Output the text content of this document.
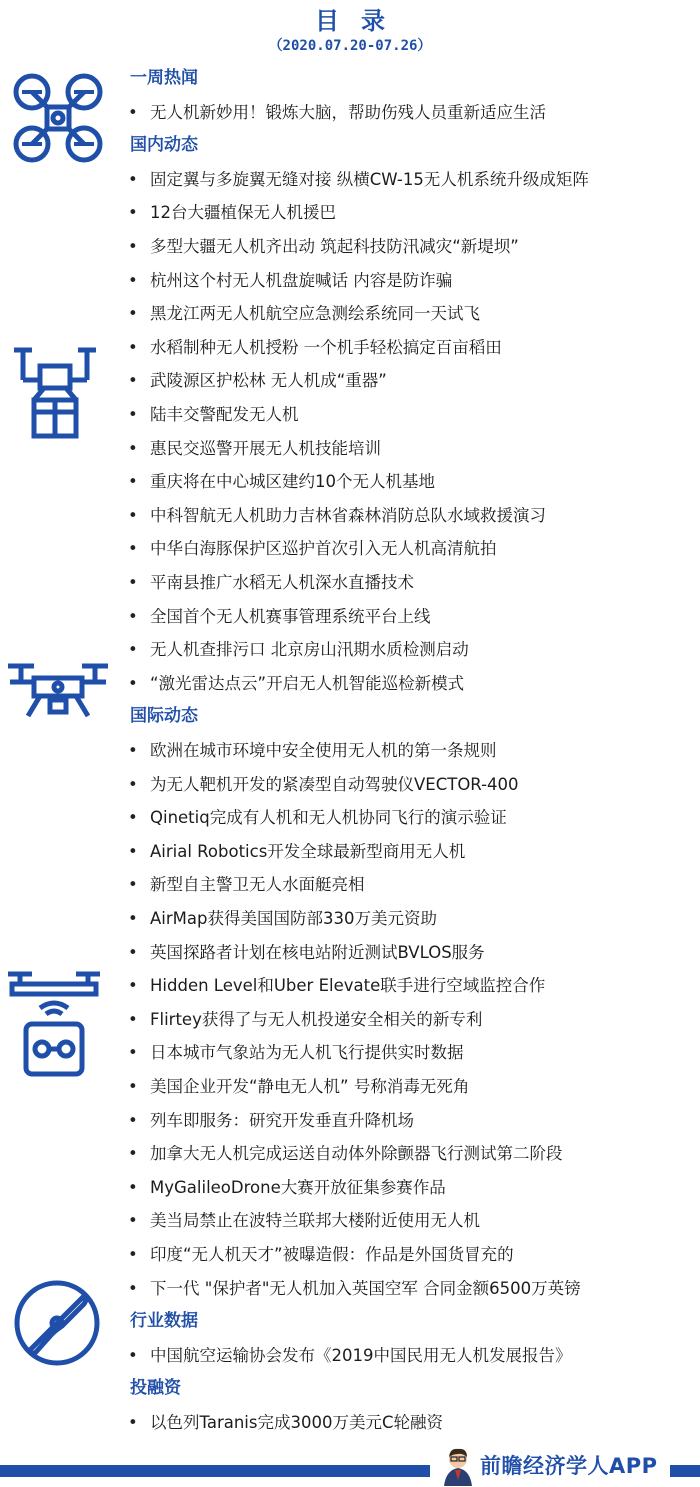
目录
（2020.07.20-07.26）
一周热闻
• 无人机新妙用！锻炼大脑，帮助伤残人员重新适应生活
国内动态
• 固定翼与多旋翼无缝对接 纵横CW-15无人机系统升级成矩阵
• 12台大疆植保无人机援巴
• 多型大疆无人机齐出动 筑起科技防汛减灾“新堤坝”
• 杭州这个村无人机盘旋喊话 内容是防诈骗
• 黑龙江两无人机航空应急测绘系统同一天试飞
• 水稻制种无人机授粉 一个机手轻松搞定百亩稻田
• 武陵源区护松林 无人机成“重器”
• 陆丰交警配发无人机
• 惠民交巡警开展无人机技能培训
• 重庆将在中心城区建约10个无人机基地
• 中科智航无人机助力吉林省森林消防总队水域救援演习
• 中华白海豚保护区巡护首次引入无人机高清航拍
• 平南县推广水稻无人机深水直播技术
• 全国首个无人机赛事管理系统平台上线
• 无人机查排污口 北京房山汛期水质检测启动
• “激光雷达点云”开启无人机智能巡检新模式
国际动态
• 欧洲在城市环境中安全使用无人机的第一条规则
• 为无人靶机开发的紧凑型自动驾驶仪VECTOR-400
• Qinetiq完成有人机和无人机协同飞行的演示验证
• Airial Robotics开发全球最新型商用无人机
• 新型自主警卫无人水面艇亮相
• AirMap获得美国国防部330万美元资助
• 英国探路者计划在核电站附近测试BVLOS服务
• Hidden Level和Uber Elevate联手进行空域监控合作
• Flirtey获得了与无人机投递安全相关的新专利
• 日本城市气象站为无人机飞行提供实时数据
• 美国企业开发“静电无人机” 号称消毒无死角
• 列车即服务：研究开发垂直升降机场
• 加拿大无人机完成运送自动体外除颤器飞行测试第二阶段
• MyGalileoDrone大赛开放征集参赛作品
• 美当局禁止在波特兰联邦大楼附近使用无人机
• 印度“无人机天才”被曝造假：作品是外国货冒充的
• 下一代 "保护者"无人机加入英国空军 合同金额6500万英镑
行业数据
• 中国航空运输协会发布《2019中国民用无人机发展报告》
投融资
• 以色列Taranis完成3000万美元C轮融资
前瞻经济学人APP
